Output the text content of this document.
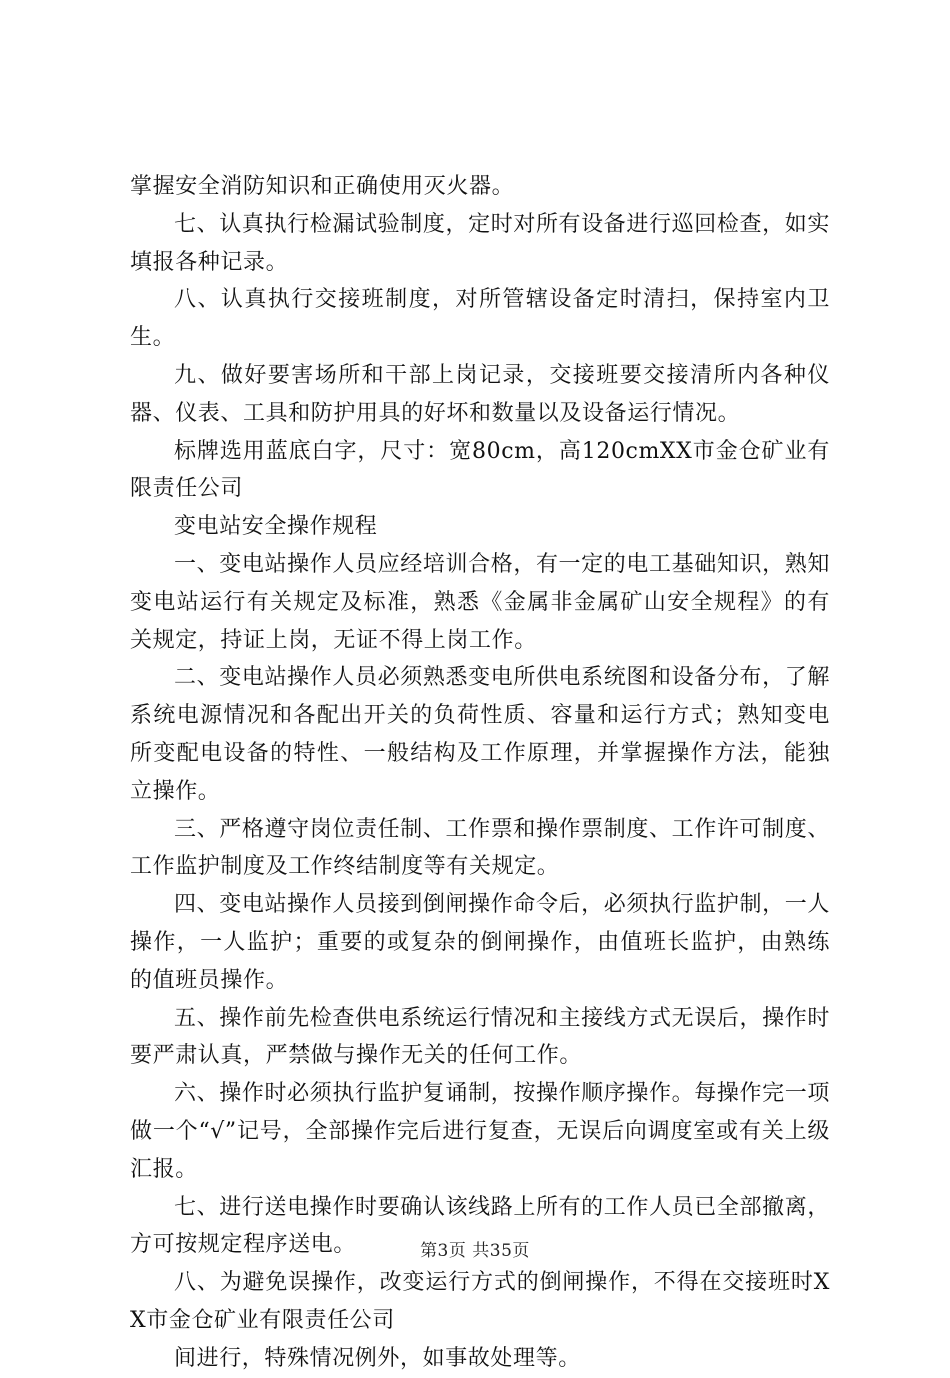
掌握安全消防知识和正确使用灭火器。

七、认真执行检漏试验制度，定时对所有设备进行巡回检查，如实填报各种记录。

八、认真执行交接班制度，对所管辖设备定时清扫，保持室内卫生。

九、做好要害场所和干部上岗记录，交接班要交接清所内各种仪器、仪表、工具和防护用具的好坏和数量以及设备运行情况。

标牌选用蓝底白字，尺寸：宽80cm，高120cmXX市金仓矿业有限责任公司

变电站安全操作规程

一、变电站操作人员应经培训合格，有一定的电工基础知识，熟知变电站运行有关规定及标准，熟悉《金属非金属矿山安全规程》的有关规定，持证上岗，无证不得上岗工作。

二、变电站操作人员必须熟悉变电所供电系统图和设备分布，了解系统电源情况和各配出开关的负荷性质、容量和运行方式；熟知变电所变配电设备的特性、一般结构及工作原理，并掌握操作方法，能独立操作。

三、严格遵守岗位责任制、工作票和操作票制度、工作许可制度、工作监护制度及工作终结制度等有关规定。

四、变电站操作人员接到倒闸操作命令后，必须执行监护制，一人操作，一人监护；重要的或复杂的倒闸操作，由值班长监护，由熟练的值班员操作。

五、操作前先检查供电系统运行情况和主接线方式无误后，操作时要严肃认真，严禁做与操作无关的任何工作。

六、操作时必须执行监护复诵制，按操作顺序操作。每操作完一项做一个“√”记号，全部操作完后进行复查，无误后向调度室或有关上级汇报。

七、进行送电操作时要确认该线路上所有的工作人员已全部撤离，方可按规定程序送电。

八、为避免误操作，改变运行方式的倒闸操作，不得在交接班时XX市金仓矿业有限责任公司

间进行，特殊情况例外，如事故处理等。

第3页 共35页
